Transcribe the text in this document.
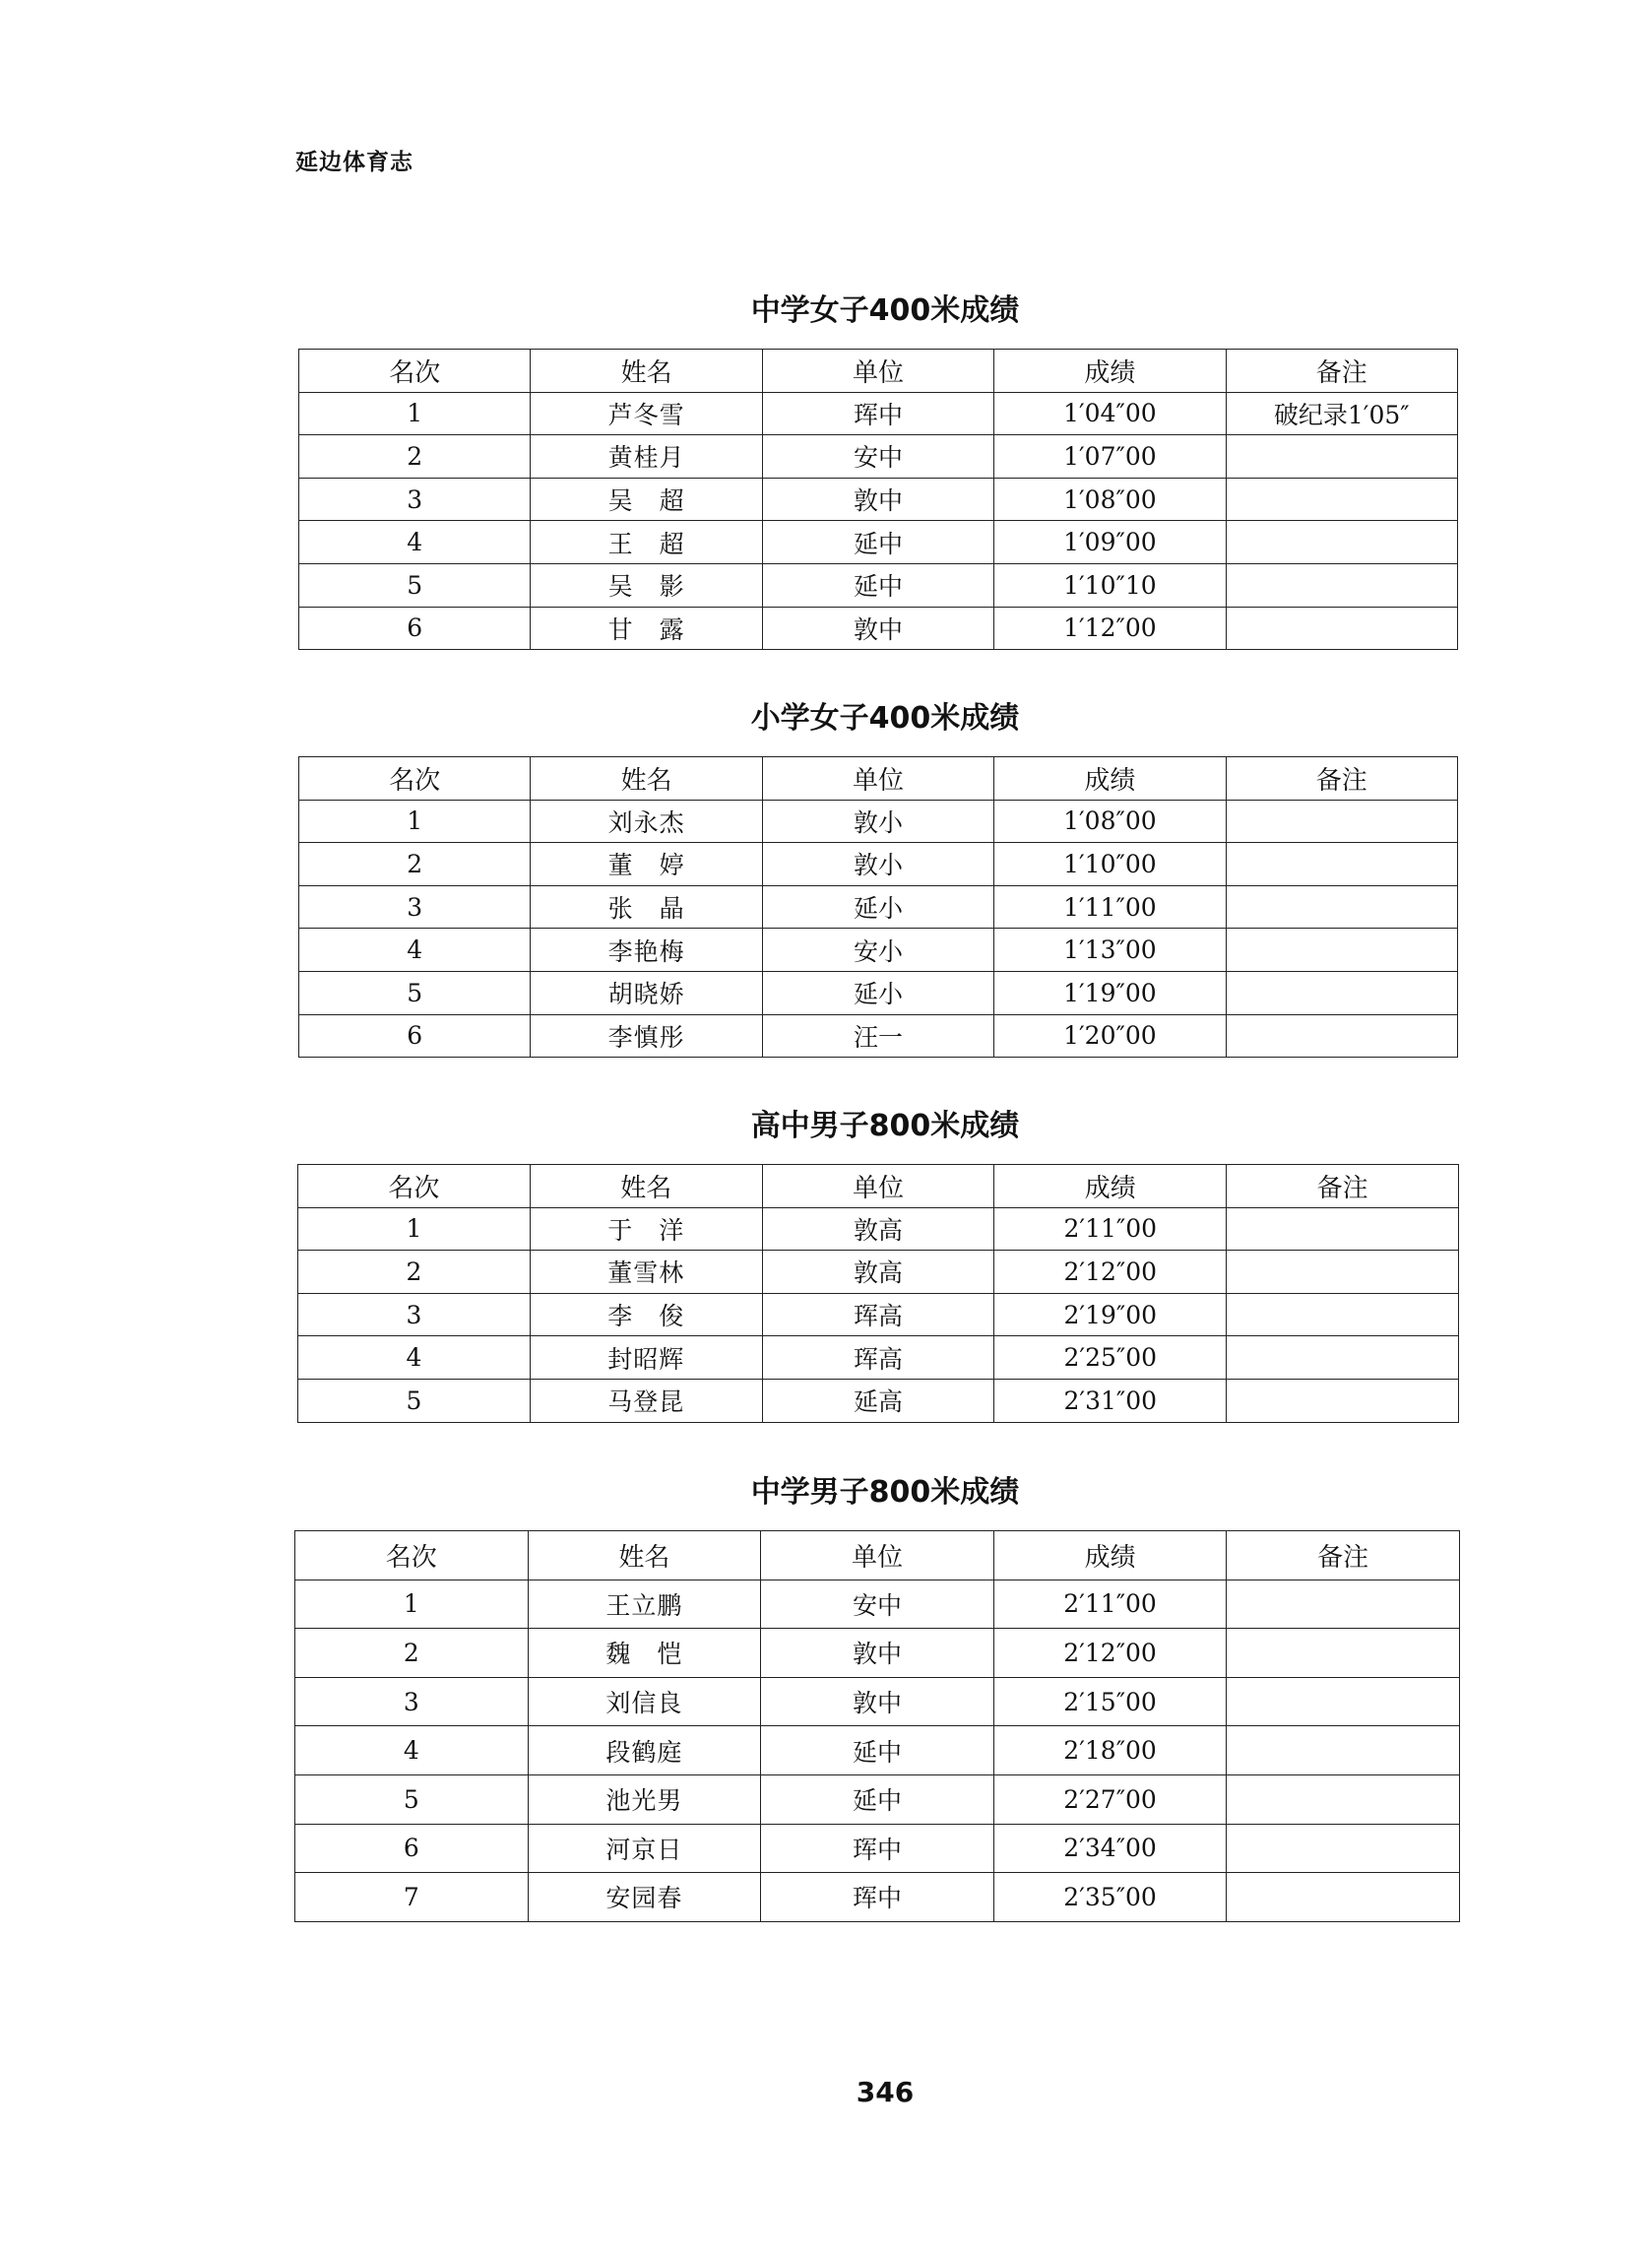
延边体育志
中学女子400米成绩
名次	姓名	单位	成绩	备注
1	芦冬雪	珲中	1′04″00	破纪录1′05″
2	黄桂月	安中	1′07″00	
3	吴　超	敦中	1′08″00	
4	王　超	延中	1′09″00	
5	吴　影	延中	1′10″10	
6	甘　露	敦中	1′12″00	
小学女子400米成绩
名次	姓名	单位	成绩	备注
1	刘永杰	敦小	1′08″00	
2	董　婷	敦小	1′10″00	
3	张　晶	延小	1′11″00	
4	李艳梅	安小	1′13″00	
5	胡晓娇	延小	1′19″00	
6	李慎彤	汪一	1′20″00	
高中男子800米成绩
名次	姓名	单位	成绩	备注
1	于　洋	敦高	2′11″00	
2	董雪林	敦高	2′12″00	
3	李　俊	珲高	2′19″00	
4	封昭辉	珲高	2′25″00	
5	马登昆	延高	2′31″00	
中学男子800米成绩
名次	姓名	单位	成绩	备注
1	王立鹏	安中	2′11″00	
2	魏　恺	敦中	2′12″00	
3	刘信良	敦中	2′15″00	
4	段鹤庭	延中	2′18″00	
5	池光男	延中	2′27″00	
6	河京日	珲中	2′34″00	
7	安园春	珲中	2′35″00	
346
